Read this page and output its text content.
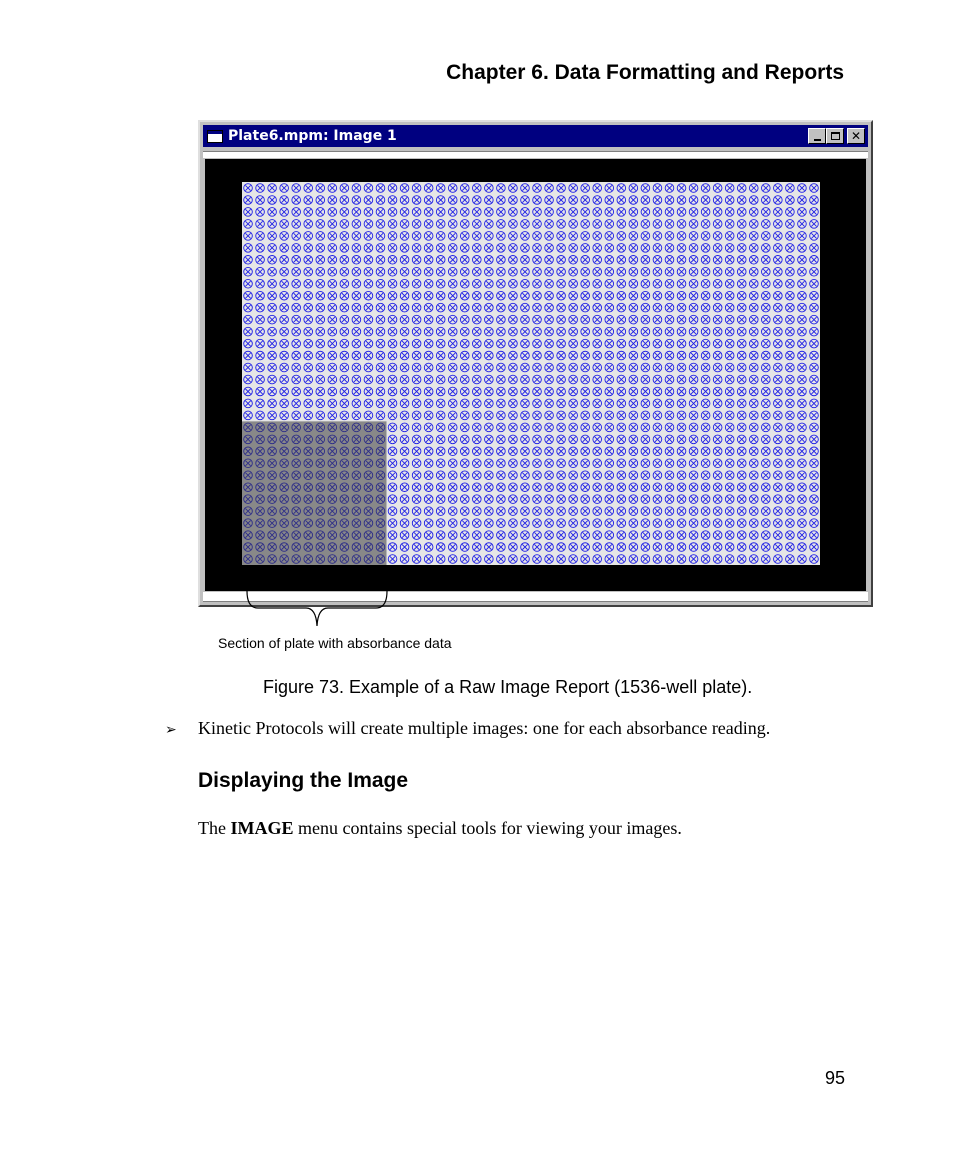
Chapter 6. Data Formatting and Reports
Plate6.mpm: Image 1	✕
Section of plate with absorbance data
Figure 73. Example of a Raw Image Report (1536-well plate).
➢	Kinetic Protocols will create multiple images: one for each absorbance reading.
Displaying the Image
The IMAGE menu contains special tools for viewing your images.
95
